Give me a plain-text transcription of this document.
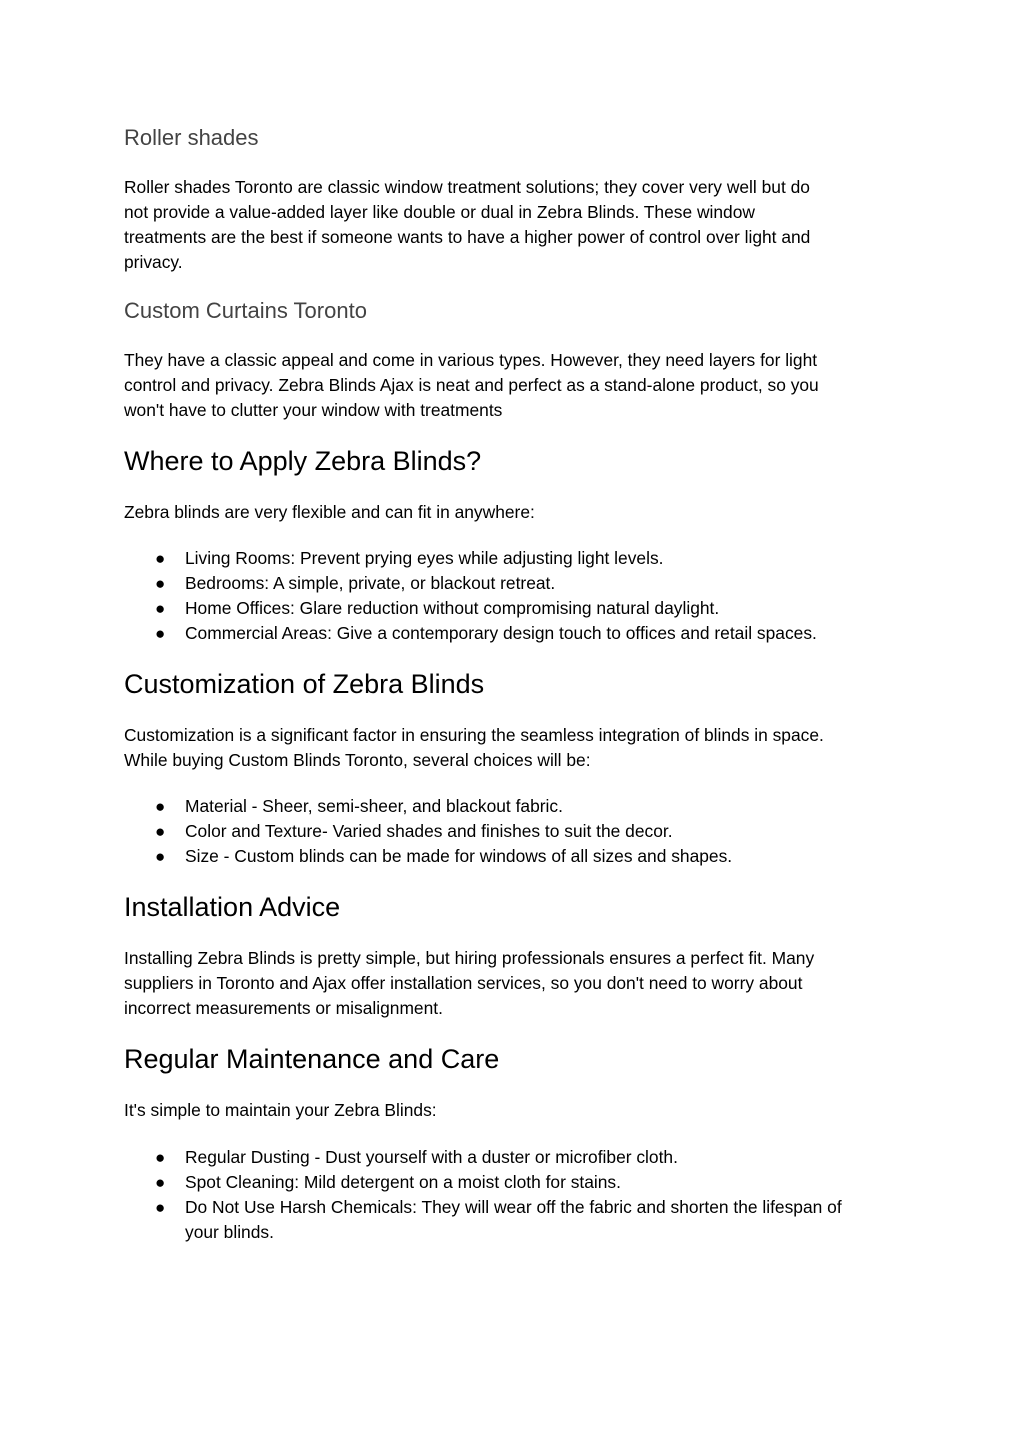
Roller shades
Roller shades Toronto are classic window treatment solutions; they cover very well but do
not provide a value-added layer like double or dual in Zebra Blinds. These window
treatments are the best if someone wants to have a higher power of control over light and
privacy.
Custom Curtains Toronto
They have a classic appeal and come in various types. However, they need layers for light
control and privacy. Zebra Blinds Ajax is neat and perfect as a stand-alone product, so you
won't have to clutter your window with treatments
Where to Apply Zebra Blinds?
Zebra blinds are very flexible and can fit in anywhere:
● Living Rooms: Prevent prying eyes while adjusting light levels.
● Bedrooms: A simple, private, or blackout retreat.
● Home Offices: Glare reduction without compromising natural daylight.
● Commercial Areas: Give a contemporary design touch to offices and retail spaces.
Customization of Zebra Blinds
Customization is a significant factor in ensuring the seamless integration of blinds in space.
While buying Custom Blinds Toronto, several choices will be:
● Material - Sheer, semi-sheer, and blackout fabric.
● Color and Texture- Varied shades and finishes to suit the decor.
● Size - Custom blinds can be made for windows of all sizes and shapes.
Installation Advice
Installing Zebra Blinds is pretty simple, but hiring professionals ensures a perfect fit. Many
suppliers in Toronto and Ajax offer installation services, so you don't need to worry about
incorrect measurements or misalignment.
Regular Maintenance and Care
It's simple to maintain your Zebra Blinds:
● Regular Dusting - Dust yourself with a duster or microfiber cloth.
● Spot Cleaning: Mild detergent on a moist cloth for stains.
● Do Not Use Harsh Chemicals: They will wear off the fabric and shorten the lifespan of
your blinds.
